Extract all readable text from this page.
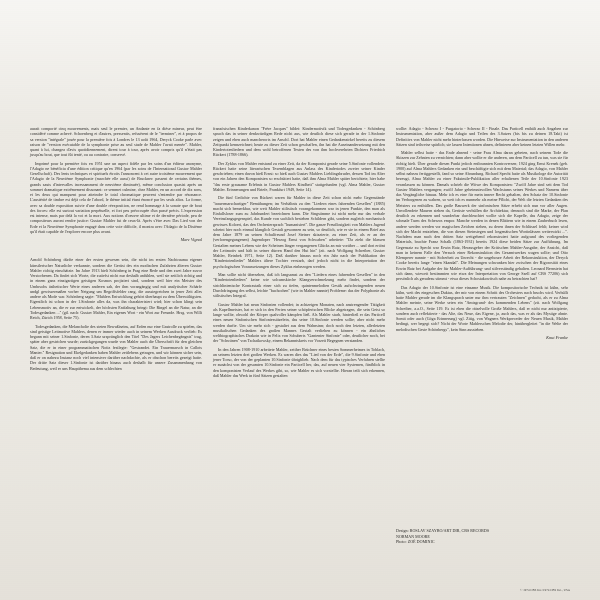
aurait comporté cinq mouvements, mais seul le premier, un Andante en fa dièse mineur, peut être considéré comme achevé. Schoenberg et d'autres, pressentis, refusèrent de le "terminer", et à propos de sa version "intégrale" jouée pour la première fois à Londres le 13 août 1964, Deryck Cooke parle avec raison de "version exécutable de la symphonie prise au seul stade de Mahler l'avait menée". Mahler, quant à lui, changea d'avis quotidiennement, dirent tour à tour, après avoir compris qu'il n'était pas jusqu'au bout, que tout fût tenté, ou au contraire, conservé.
Imprimé pour la première fois en 1951 une un aspect fidèle par les soins d'un éditeur anonyme, l'Adagio ne bénéficia d'une édition critique qu'en 1964 (par les soins de l'International Gustav Mahler Gesellschaft). Des lents techniques et spirituels étroits l'annoncent à cet autre troisième mouvement que l'Adagio de la Neuvième Symphonie (marchée elle aussi) de Bruckner: passent de certains thèmes, grands sauts d'intervalles incessamment de neuvième diminuée), même conclusion quasist après un sommet dramatique extrêmement dissonant: ce semmet culmine, chez Mahler, en un accord de dix sons, et les deux qui manquent pour atteindre le total chromatique peuvent s'entendre par résonance. L'austérité de timbre est déjà cela de l'abord, le thème initial étant énoncé par les seuls altos. La forme, avec sa double exposition suivie d'une double réexposition, ne rend hommage à la sonate que de bout des forces: elle est surtout variation perpétuelle, et fort peu préoccupée d'un passé précis. L'expression est intense, mais par delà la voi et la mort. Aux notions d'oeuvre ultime et de dernière période, peu de compositeurs auront rendre justice: Gustav Mahler fut de ceux-là. Après s'être avec Das Lied von der Erde et la Neuvième Symphonie engagé dans cette voie difficile, il montra avec l'Adagio de la Dixième qu'il était capable de l'explorer encore plus avant.
Marc Vignal
Arnold Schönberg dürfte einer der ersten gewesen sein, die nicht im ersten Nachtrauma eigener künstlerischer Naturliche verkannte, sondern die Gerüst des ein modischen Zufahrten älteren Gustav Mahler richtig einschätzte. Im Jahre 1913 hielt Schönberg in Prag eine Rede und den zwei Jahre zuvor Verstorbenen. Da findet sich Worte, die zutiefst nicht nur deshalb anfühlen, weil sie zeitlich richtig und in einem ganz einzigartigen geistigen Kosmos projiziert sind, sondern weil hier ein Meister des Umbruchs ästhetischer Werte eines anderen sah, der ihm vorangängig und mit analytischer Schärfe undgl gewissermaßen vorher Neigung um Begriffsfelder rang, die aussiegreichen in jener Zeit alles andere als Mode war. Schönberg sagte: "Mahlers Entwicklung gehört überhaupt zu dem Überwältigsten. Eigentlich ist schon in der 1.Sinfonie alles da, was ihn charakterisiert wird; hier schon klingt sein Lebensmotiv an, die er zur entwickelt, der höchsten Entfaltung bringt: Die Ringel an die Natur, an die Todesgedanken ..." (gil. nach: Gustav Mahler, Ein eigenes Wort - ein Wort zur Freunde. Hrsg. von Willi Reich, Zürich 1958, Seite 75).
Todesgedanken, die Melancholie des steten Bewußtseins, auf Erden nur eine Gastrolle zu spielen, das sind geistige Leitmotive Mahlers, denen er immer wieder auch in seinem Werken Ausdruck verlieh: Es begann mit seiner 1.Sinfonie, deren 3.Satz ursprünglich den Titel "Des Jagers Leichenbegängnis" trug, später aber gestrichen wurde; zurückgegangen wurde von Mahler auch die Überschrift für den gleichen Satz, die er in einer programmatischen Notiz festlegte: "Gestrandet. Ein Trauermarsch in Callots Manier." Resignation und Ekelgedanken haben Mahler zeitlebens getragen, und wir können sicher sein, daß er on nahezu Instanz noch viel intensiver darüber nachdachte, als er obschon bereits gezeigt hatte. Der dritte Satz dieser 1.Sinfonie ist darüber hinaus auch deshalb für unsere Zusammenhang von Bedeutung, weil er uns Hauptthema aus dem schlechten
französischen Kinderkanon "Frère Jacques" bildet: Kindermotivik und Todesgedanken - Schönberg sprach das in seiner denkwürdigen Rede nicht aus, wie deutlich diese sich gerade in der 1.Sinfonie zeigen und eben auch mancherorts im Anschl. Dort hat Mahler einen Gedankenzirkel bereits zu diesem Zeitpunkt kennzeichnet; heute zu dieser Zeit schon geschaffen, ihn hat die Auseinandersetzung mit den Kindertotenliedern und dem wohl betroffenen Texten des von ihm hochverehrten Dichters Friedrich Rückert (1788-1866).
Der Zyklus von Mahler entstand zu einer Zeit, da der Komponist gerade seine 5.Sinfonie vollendete. Rückert hatte seine literarischen Texemblagen aus Anlass des Kindertodes zweier seiner Kinder geschrieben; einen davon hieß Ernst: so hieß auch Gustav Mahlers Lieblingsbruder, dessen Tod im Alter von ein Jahren den Komponisten so erschüttert hatte, daß ihm Alma Mahler später berichtete, hier habe "das erste grausame Erlebnis in Gustav Mahlers Kindheit" stattgefunden (vgl. Alma Mahler, Gustav Mahler. Erinnerungen und Briefe, Frankfurt 1949, Seite 14).
Die fünf Gedichte von Rückert waren für Mahler in diese Zeit schon nicht mehr Gegenstände "trauermarschartiger" Bemühungen; im Verhältnis zu den "Liedern eines fahrenden Gesellen" (1885) macht sich bemerkbar, wie weit Mahler stilistisch vorangekommen war in jenen Punkte, den man als Einfallsloser zum zu Jahrhundert bezeichnen kann. Die Singstimme ist nicht mehr nur das verbale Vereinsfangsgegenspiel, das Kunde von sachlich bestehen Schildern gibt, sondern zugleich mechanisch gewisses Koloeri, das den Orchestersprach "humanisiert". Die ganze Freudlosigkeit von Mahlers Jugend scheint hier noch einmal klanglich Gestalt gewonnen zu sein, so deutlich, wie er sie in einem Brief aus dem Jahre 1879 an seinen Schulfreund Josef Steiner skizzierte, zu einer Zeit, als er an der (verlorengegangenen) Jugendoper "Herzog Ernst von Schwaben" arbeitete: "Da zieht die blassen Gestalten meines Lebens wie der Scheinen länger vergangenen Glücks an mir vorüber ... und dort ertönt der Leitmotiv und hält in seiner dürren Hand den Hut hin" (zit. nach Wolfgang Schreiber, Gustav Mahler, Reinbek 1971, Seite 12). Daß darüber hinaus noch ein Jahr nach der Publikation der "Kindertotenlieder" Mahlers ältere Tochter verstarb, darf jedoch nicht in die Interpretation der psychologischen Voraussetzungen dieses Zyklus einbezogen werden.
Man sollte nicht übersehen, daß ich langsamst zu den "Liedern eines fahrenden Gesellen" in den "Kindertotenliedern" keine wie solcumskirche Klangverschmelzung mehr findet, sondern der strichlinienische Kontrastatk einer sich zu tiefen, quintenmelodien Gestik aufschwingenden neuen Durchdringung des selbst, leichte "buchochen" (wie in Mahler nannte) Probleme: das der Polyphonie als stilistisches Integral.
Gustav Mahler hat neun Sinfonien vollendet; in achtzeigen Monaten, nach anstrengender Tätigkeit als Kapellmeister, hat er sich in den Ferien seiner schöpferischen Blicke abgetragen, die sein Geist so lange wollte, obwohl der Körper qualvoller kämpfen ließ. Als Mahler starb, hinterließ er das Particell eines neuen Sinfonischen Sinfoniessätzelein, das seine 10.Sinfonie werden sollte; aber nicht mehr werden durfte. Um sie mehr sich - gestaltet aus dem Wahnsinn; doch noch den letzten, allerletzten musikalischen Gedanken des großen Mannes Gestalt verliehen zu können - ein ähnliches weltbiographisches Drakoin wie in Felix von Schuberts "Gantenier Sinfonie" oder, deutlicher noch, bei der "Schwänen" von Tschaikowsky, einem Bekanntskreis vor Vorzeit Begegnen verstanden.
In den Jahren 1908-1910 arbeitete Mahler, zeither Brüchner eines besten Sommerheimes in Toblach, an seinem letzten drei großen Werken. Es waren dies das "Lied von der Erde", die 9.Sinfonie und eben jener Torso, der von der geplanten 10.Sinfonie übrigblieb. Nach dem für das typisches Verfahren stellte er zunächst von der gesamten 10.Sinfonie ein Particell her, das, auf neuen vier Systemen, fünfblick in den komponisten Verlauf des Werkes gibt, so, wie Mahler es sich vorstellte. Hieran teilt sich erkennen, daß Mahler das Werk in fünf Sätzen gestalten
wollte: Adagio - Scherzo I - Purgatorio - Scherzo II - Finale. Das Particell enthält auch Angaben zur Instrumentation, aber außer dem Adagio und Teilen des 3.Satzes (bis bis zu deinen 18.Takt) ist Definitivs von Mahler nicht mehr hinterlassen worden. Die Hinweise zur Instrumentation in den anderen Sätzen sind teilweise spärlich; sie lassen Intentionen ahnen, definieren aber keinen letzten Willen mehr.
Mahler selbst hatte - das Ende ahnend - seine Frau Alma daran gebeten, nach seinem Tode die Skizzen zur Zehnten zu vernichten; dann aber wollte er die anderen, um dem Particell zu tun, was sie für richtig hielt. Über gerade diesen Punkt jedoch entbrannten Kontroversen; 1924 ging Ernst Krenek (geb. 1900) auf Alma Mahlers Gedanken ein und beschäftigte sich mit dem Material; das Adagio, von Mahler selbst nahezu fertiggestellt, fand so seine Abrundung. Richard Specht hatte als Musikologe die Autorität bezeugt, Alma Mahler zu einer Faksimile-Publikation aller erhaltenen Teile der 10.Sinfonie 1923 veranlassen zu können. Damals schrieb die Witwe des Komponisten: "Zwölf Jahre sind seit dem Tod Gustav Mahlers vergangen; zwölf Jahre geheimnisvollen Wachstums seines Werkes und Namens über das Vergängliche hinaus. Mehr ich es eine für mein innere Recht gehalten, den Schatz der 10.Sinfonie im Verborgenen zu wahren, so weit ich es nunmehr als meine Pflicht, der Welt die letzten Gedanken des Meisters zu enthüllen. Das große Bauwerk der sinfonischen Sätze erhebt sich nun vor aller Augen. Unvollendete Mauern stehen da, Gerüste verhüllen die Architektur, dennoch sind die Marke, der Plan deutlich zu erkennen und wunderbar durchleuchtet wollte sich die Kapelle, das Adagio, zeige der schmale Turm des Scherzos empor. Manche werden in denen Blättern wie in einem Zauberbuch lesen, andere werden werden vor magischen Zeichen stehen, zu deren ihnen der Schlüssel fehlt; keiner wird sich der Macht entziehen, die von diesen Steinstegen und losgenäischen Wortinlässen weiterwirkt ...". Nachdem man nach den dritten Satz weitgehend rekonstruiert hatte aufgrund des vorliegenden Materials, brachte Franz Schalk (1863-1931) bereits 1924 diese beiden Sätze zur Aufführung. Im Gegensatz zu Specht war Erwin Ratz, Herausgeber der Kritischen Mahler-Ausgabe, der Ansicht, daß man in keinem Falle den Versuch einer Rekonstruktion des Gesamtwerkes wagen sollte; und Otto Klemperer nannte - mit Sicherheit zu Unrecht - die ungehoure Arbeit der Rekonstruktion, der Deryck Cooke bereits lange "einen Skandal". Die Meinungen schwanken hier zwischen der Rigorosität eines Erwin Ratz bei Aufgabe der für Mahler-Aufführung- und stilverständig gehalten. Leonard Bernstein hat sich dann, wieweit bestimmten wie etwa der Interpretation von George Szell auf CBS 77206) sich persönlich als geradezu stimmt - etwa dieses Schostakowitsch nahe zu betrachten hat?
Das Adagio der 10.Sinfonie ist eine einsame Musik. Die kompositorische Technik ist kühn, sehr kühn, weit des eingeschen Duktus, der mir von einem Schritt des Orchesters nach bruchs wird. Verhüllt hatte Mahler gerade im die Klangsprach unter nur ihm vertrauten "Zeichnen" gedacht, als er zu Alma Mahler meinte, seine Werke seien ein "Amtsgrund- des kommenden Lebens" (zit. nach Wolfgang Schreiber, a.a.O., Seite 119. Es ist eben die rätselvolle Große Mahlers, daß er nicht nur antizipierte, sondern auch reflektierte - das Alte, das Neue, das Eigene, ja, auch das, was er als das Mystige ahnte. Somit oder auch (Göga Erinnerung) vgl. Zitig, von Wagners Werkpreceder der Neuen Musik, Mahler bedingt, wer begegt sich? Nicht der Worte Mahlerschen Melodie der, hinübergleitet "in die Welte der melodischen Geste Schönbergs", kein Sinn aussieben.
Knut Franke

Design: ROSLAV SZAYBO/ART DIR, CBS RECORDS

NORMAN MOORE

Photo: ZOË DOMINIC

© 1974 CBS Inc./1974 CBS Inc., USA
